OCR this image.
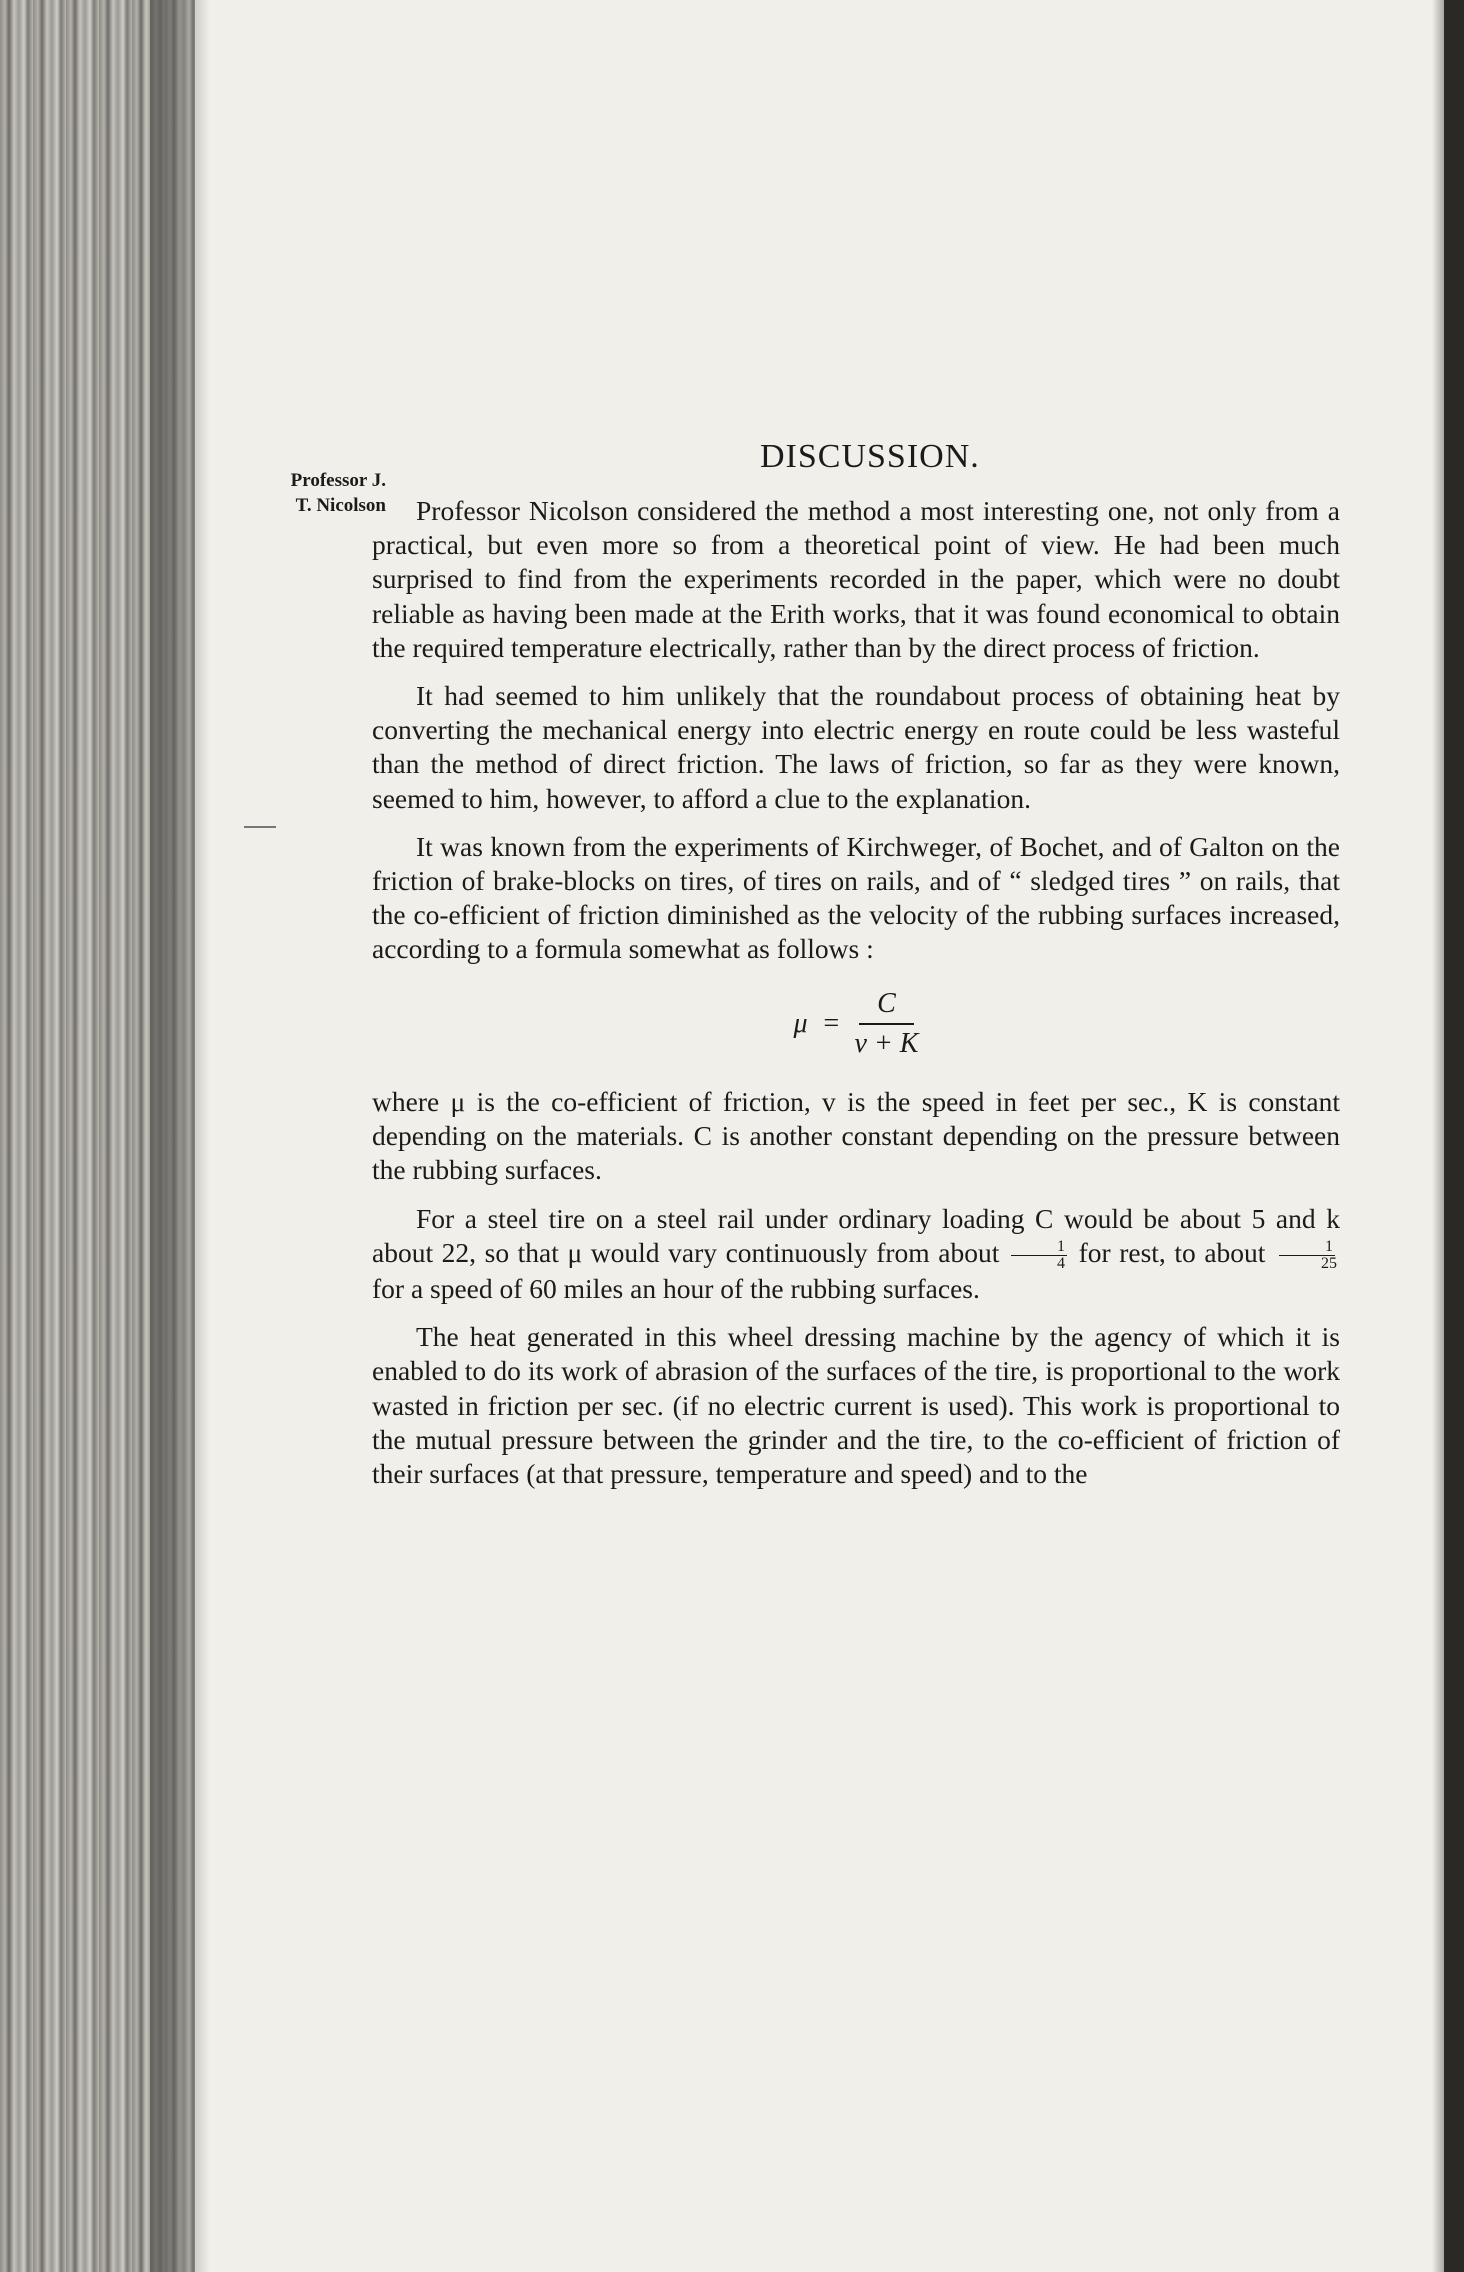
DISCUSSION.
Professor J.
T. Nicolson	Professor Nicolson considered the method a most interesting one, not only from a practical, but even more so from a theoretical point of view. He had been much surprised to find from the experiments recorded in the paper, which were no doubt reliable as having been made at the Erith works, that it was found economical to obtain the required temperature electrically, rather than by the direct process of friction.

It had seemed to him unlikely that the roundabout process of obtaining heat by converting the mechanical energy into electric energy en route could be less wasteful than the method of direct friction. The laws of friction, so far as they were known, seemed to him, however, to afford a clue to the explanation.

It was known from the experiments of Kirchweger, of Bochet, and of Galton on the friction of brake-blocks on tires, of tires on rails, and of “ sledged tires ” on rails, that the co-efficient of friction diminished as the velocity of the rubbing surfaces increased, according to a formula somewhat as follows :

$\mu = \frac{C}{v + K}$

where μ is the co-efficient of friction, v is the speed in feet per sec., K is constant depending on the materials. C is another constant depending on the pressure between the rubbing surfaces.

For a steel tire on a steel rail under ordinary loading C would be about 5 and k about 22, so that μ would vary continuously from about $\frac{1}{4}$ for rest, to about $\frac{1}{25}$
for a speed of 60 miles an hour of the rubbing surfaces.

The heat generated in this wheel dressing machine by the agency of which it is enabled to do its work of abrasion of the surfaces of the tire, is proportional to the work wasted in friction per sec. (if no electric current is used). This work is proportional to the mutual pressure between the grinder and the tire, to the co-efficient of friction of their surfaces (at that pressure, temperature and speed) and to the
